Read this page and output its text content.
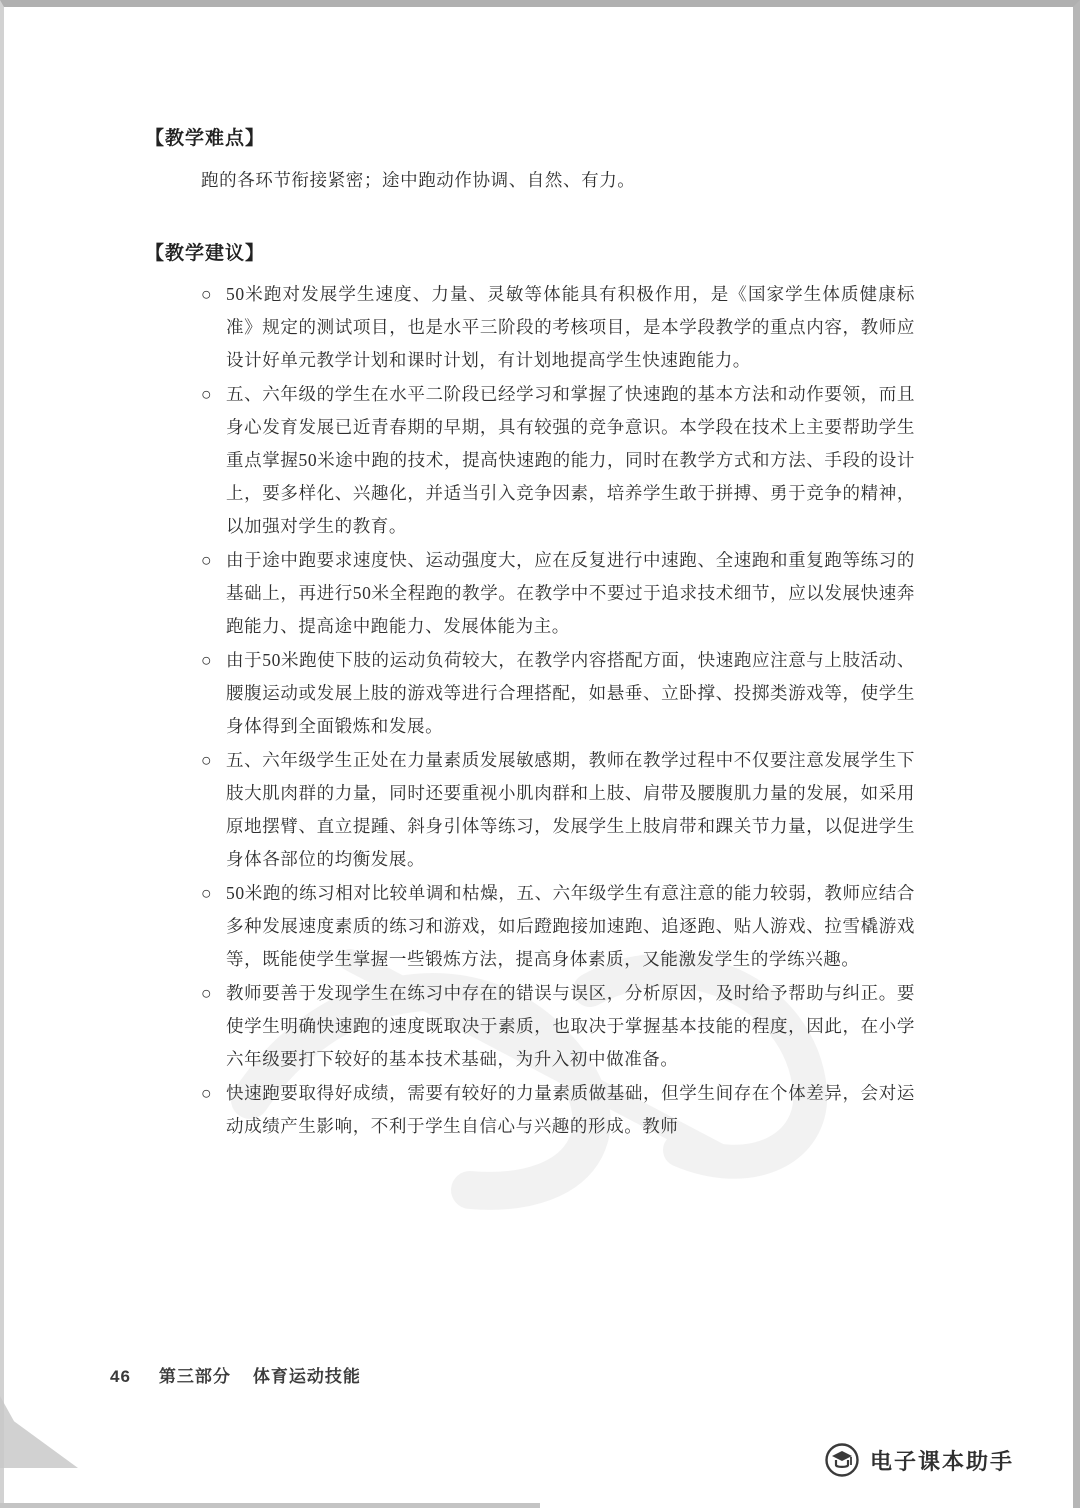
【教学难点】

跑的各环节衔接紧密；途中跑动作协调、自然、有力。

【教学建议】
○ 50米跑对发展学生速度、力量、灵敏等体能具有积极作用，是《国家学生体质健康标准》规定的测试项目，也是水平三阶段的考核项目，是本学段教学的重点内容，教师应设计好单元教学计划和课时计划，有计划地提高学生快速跑能力。
○ 五、六年级的学生在水平二阶段已经学习和掌握了快速跑的基本方法和动作要领，而且身心发育发展已近青春期的早期，具有较强的竞争意识。本学段在技术上主要帮助学生重点掌握50米途中跑的技术，提高快速跑的能力，同时在教学方式和方法、手段的设计上，要多样化、兴趣化，并适当引入竞争因素，培养学生敢于拼搏、勇于竞争的精神，以加强对学生的教育。
○ 由于途中跑要求速度快、运动强度大，应在反复进行中速跑、全速跑和重复跑等练习的基础上，再进行50米全程跑的教学。在教学中不要过于追求技术细节，应以发展快速奔跑能力、提高途中跑能力、发展体能为主。
○ 由于50米跑使下肢的运动负荷较大，在教学内容搭配方面，快速跑应注意与上肢活动、腰腹运动或发展上肢的游戏等进行合理搭配，如悬垂、立卧撑、投掷类游戏等，使学生身体得到全面锻炼和发展。
○ 五、六年级学生正处在力量素质发展敏感期，教师在教学过程中不仅要注意发展学生下肢大肌肉群的力量，同时还要重视小肌肉群和上肢、肩带及腰腹肌力量的发展，如采用原地摆臂、直立提踵、斜身引体等练习，发展学生上肢肩带和踝关节力量，以促进学生身体各部位的均衡发展。
○ 50米跑的练习相对比较单调和枯燥，五、六年级学生有意注意的能力较弱，教师应结合多种发展速度素质的练习和游戏，如后蹬跑接加速跑、追逐跑、贴人游戏、拉雪橇游戏等，既能使学生掌握一些锻炼方法，提高身体素质，又能激发学生的学练兴趣。
○ 教师要善于发现学生在练习中存在的错误与误区，分析原因，及时给予帮助与纠正。要使学生明确快速跑的速度既取决于素质，也取决于掌握基本技能的程度，因此，在小学六年级要打下较好的基本技术基础，为升入初中做准备。
○ 快速跑要取得好成绩，需要有较好的力量素质做基础，但学生间存在个体差异，会对运动成绩产生影响，不利于学生自信心与兴趣的形成。教师
46 第三部分 体育运动技能
电子课本助手
